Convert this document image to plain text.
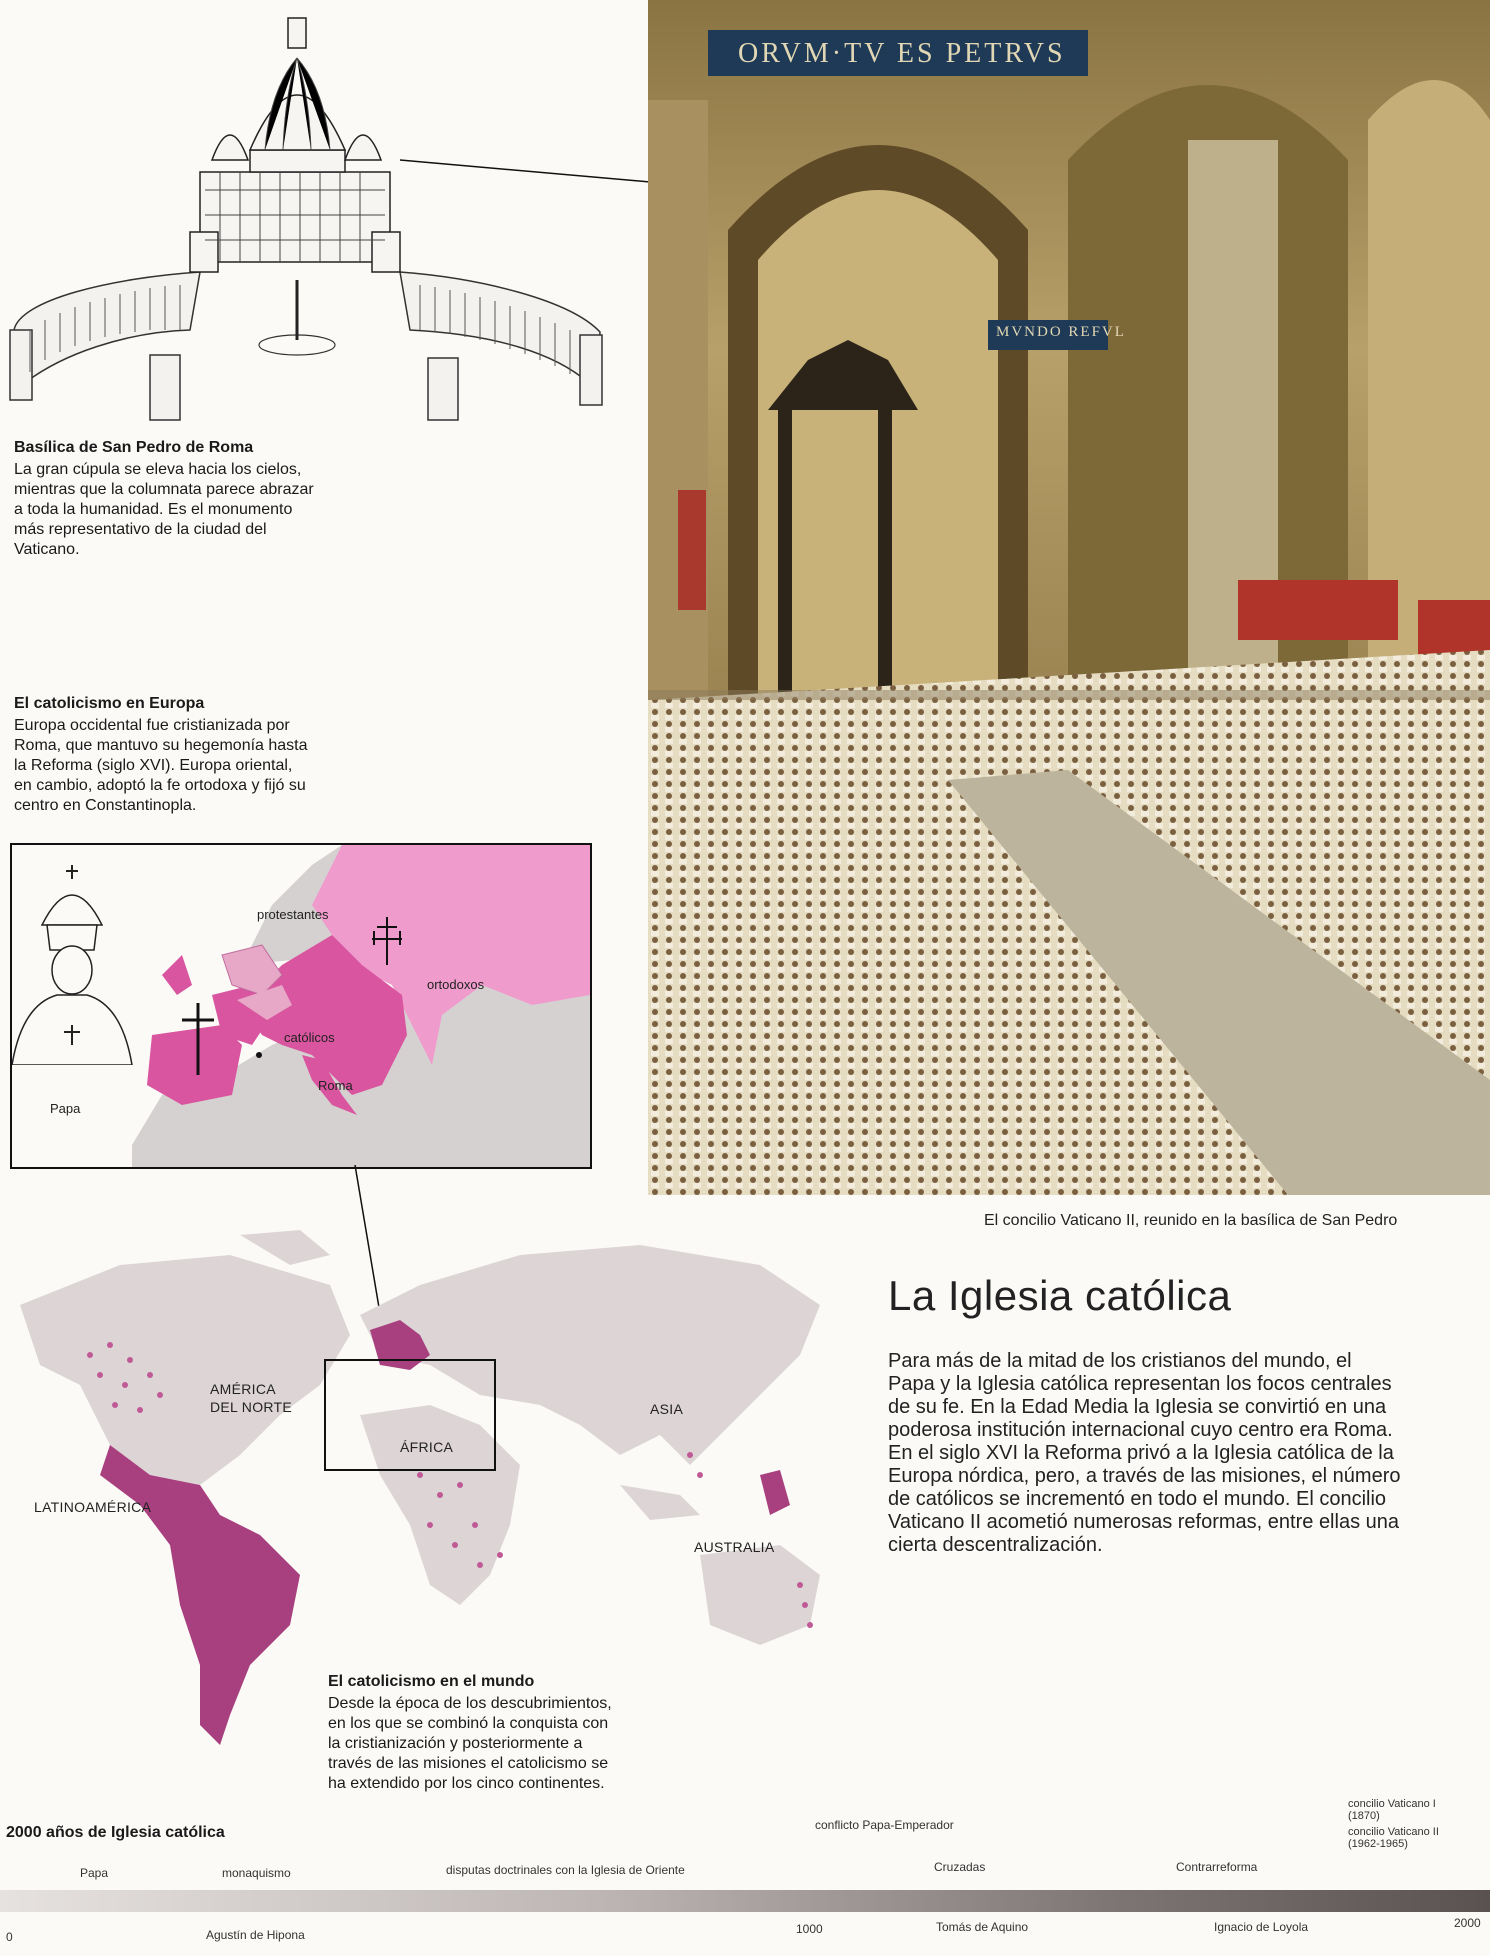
Basílica de San Pedro de Roma
La gran cúpula se eleva hacia los cielos,
mientras que la columnata parece abrazar
a toda la humanidad. Es el monumento
más representativo de la ciudad del
Vaticano.
El catolicismo en Europa
Europa occidental fue cristianizada por
Roma, que mantuvo su hegemonía hasta
la Reforma (siglo XVI). Europa oriental,
en cambio, adoptó la fe ortodoxa y fijó su
centro en Constantinopla.
Papa
protestantes
ortodoxos
católicos
Roma
ORVM·TV ES PETRVS
MVNDO REFVL
El concilio Vaticano II, reunido en la basílica de San Pedro
La Iglesia católica
Para más de la mitad de los cristianos del mundo, el
Papa y la Iglesia católica representan los focos centrales
de su fe. En la Edad Media la Iglesia se convirtió en una
poderosa institución internacional cuyo centro era Roma.
En el siglo XVI la Reforma privó a la Iglesia católica de la
Europa nórdica, pero, a través de las misiones, el número
de católicos se incrementó en todo el mundo. El concilio
Vaticano II acometió numerosas reformas, entre ellas una
cierta descentralización.
AMÉRICA
DEL NORTE	ASIA
ÁFRICA
LATINOAMÉRICA
AUSTRALIA
El catolicismo en el mundo
Desde la época de los descubrimientos,
en los que se combinó la conquista con
la cristianización y posteriormente a
través de las misiones el catolicismo se
ha extendido por los cinco continentes.
2000 años de Iglesia católica	conflicto Papa-Emperador
concilio Vaticano I
(1870)
concilio Vaticano II
(1962-1965)
Papa	monaquismo	disputas doctrinales con la Iglesia de Oriente	Cruzadas	Contrarreforma
0	Agustín de Hipona	1000	Tomás de Aquino	Ignacio de Loyola	2000
